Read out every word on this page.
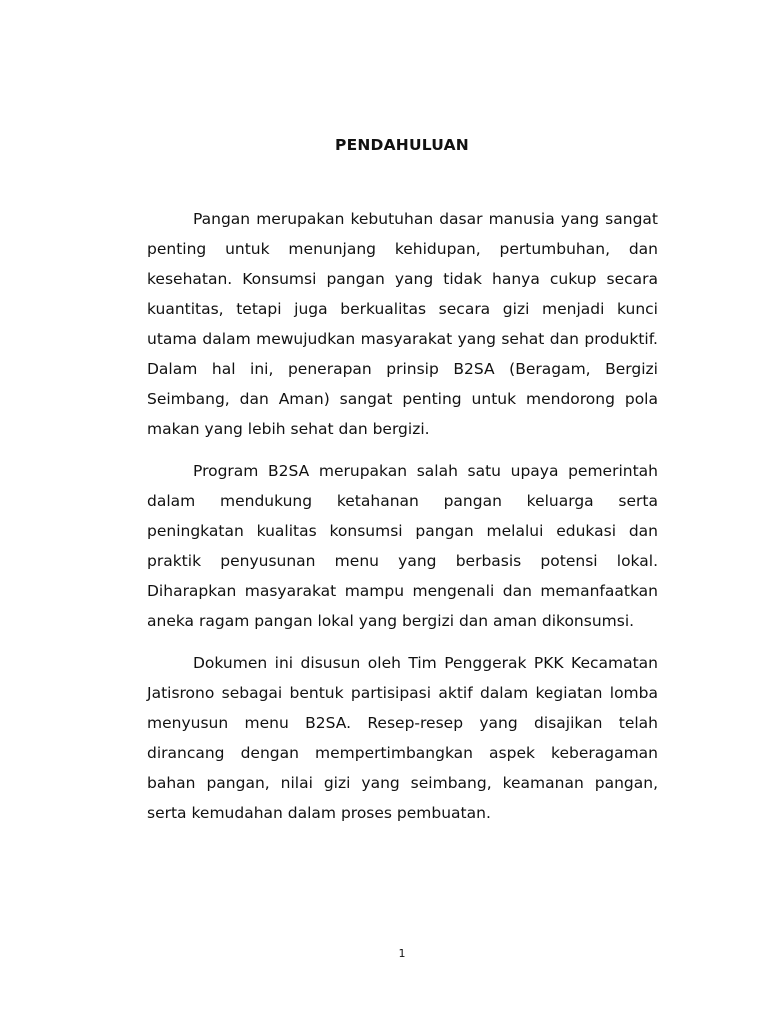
PENDAHULUAN

Pangan merupakan kebutuhan dasar manusia yang sangat penting untuk menunjang kehidupan, pertumbuhan, dan kesehatan. Konsumsi pangan yang tidak hanya cukup secara kuantitas, tetapi juga berkualitas secara gizi menjadi kunci utama dalam mewujudkan masyarakat yang sehat dan produktif. Dalam hal ini, penerapan prinsip B2SA (Beragam, Bergizi Seimbang, dan Aman) sangat penting untuk mendorong pola makan yang lebih sehat dan bergizi.

Program B2SA merupakan salah satu upaya pemerintah dalam mendukung ketahanan pangan keluarga serta peningkatan kualitas konsumsi pangan melalui edukasi dan praktik penyusunan menu yang berbasis potensi lokal. Diharapkan masyarakat mampu mengenali dan memanfaatkan aneka ragam pangan lokal yang bergizi dan aman dikonsumsi.

Dokumen ini disusun oleh Tim Penggerak PKK Kecamatan Jatisrono sebagai bentuk partisipasi aktif dalam kegiatan lomba menyusun menu B2SA. Resep-resep yang disajikan telah dirancang dengan mempertimbangkan aspek keberagaman bahan pangan, nilai gizi yang seimbang, keamanan pangan, serta kemudahan dalam proses pembuatan.

1
